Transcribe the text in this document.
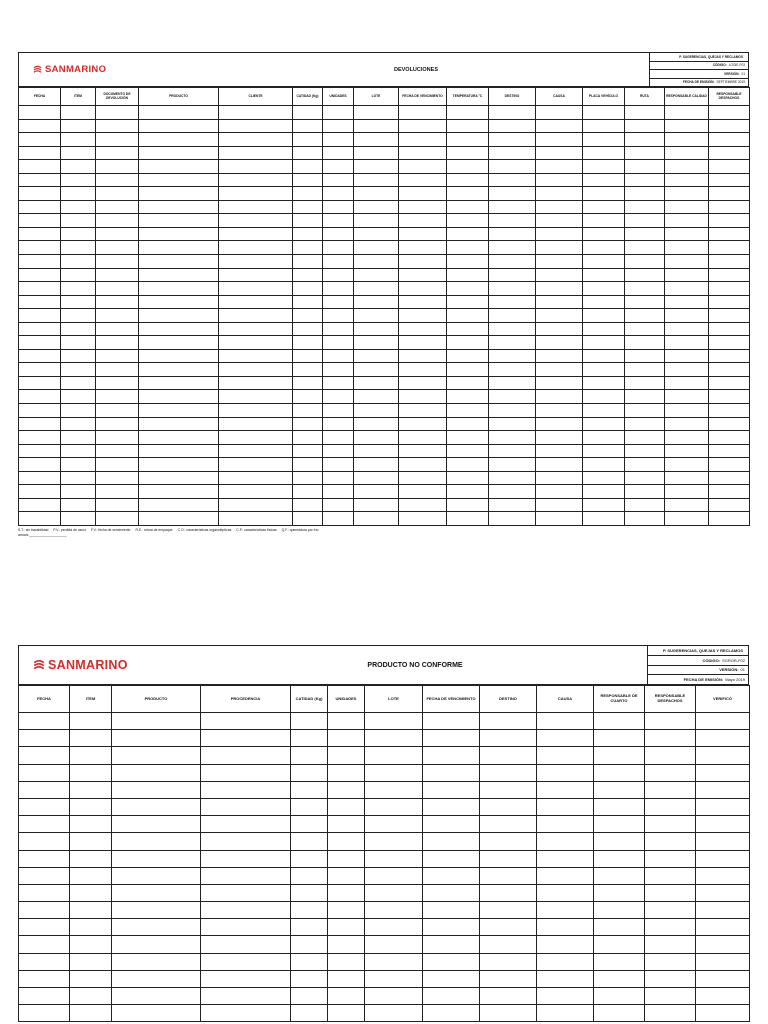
SANMARINO	DEVOLUCIONES
P. SUGERENCIAS, QUEJAS Y RECLAMOS
CÓDIGO: LOGIE-F03
VERSIÓN: 01
FECHA DE EMISIÓN: SEPTIEMBRE 2019
FECHA	ITEM	DOCUMENTO DE DEVOLUCIÓN	PRODUCTO	CLIENTE	CATIDAD (Kg)	UNIDADES	LOTE	FECHA DE VENCIMIENTO	TEMPERATURA °C	DESTINO	CAUSA	PLACA VEHÍCULO	RUTA	RESPONSABLE CALIDAD	RESPONSABLE DESPACHOS

S.T.: sin trazabilidad P.V.: perdida de vacío F.V.: fecha de vencimiento R.E.: rotura de empaque C.O.: características organolépticas C.F.: características físicas Q.F.: quemadura por frío
arrows:____________________
SANMARINO	PRODUCTO NO CONFORME
P. SUGERENCIAS, QUEJAS Y RECLAMOS
CÓDIGO: SGROR-F02
VERSIÓN: 01
FECHA DE EMISIÓN: Mayo 2019
FECHA	ITEM	PRODUCTO	PROCEDENCIA	CATIDAD (Kg)	UNIDADES	LOTE	FECHA DE VENCIMIENTO	DESTINO	CAUSA	RESPONSABLE DE CUARTO	RESPONSABLE DESPACHOS	VERIFICÓ
